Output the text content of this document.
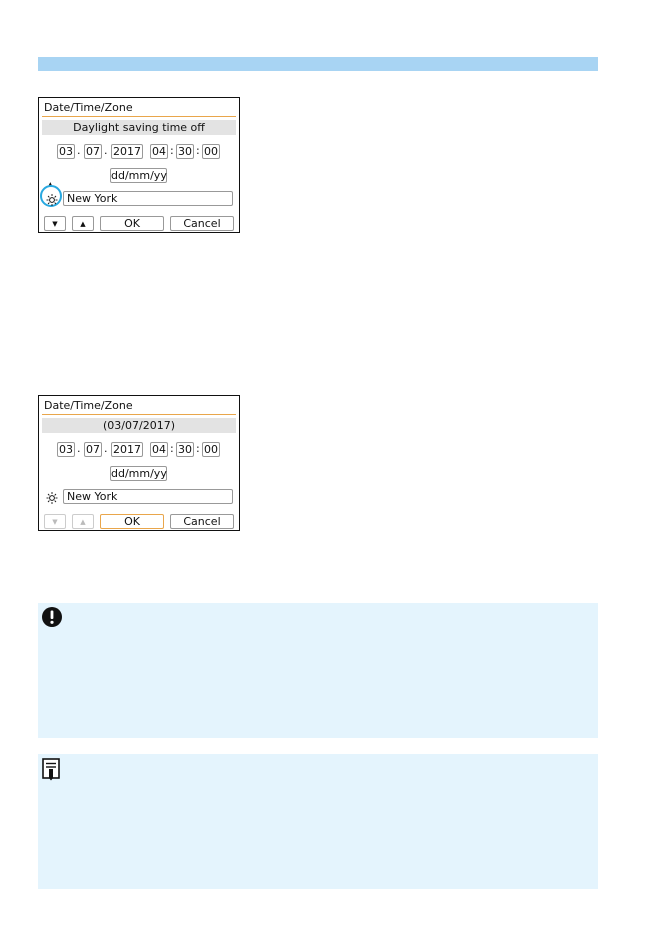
Date/Time/Zone
Daylight saving time off
03 . 07 . 2017 04 : 30 : 00
dd/mm/yy
▲
New York
▼	▲	OK	Cancel
Date/Time/Zone
(03/07/2017)
03 . 07 . 2017 04 : 30 : 00
dd/mm/yy
New York
▼	▲	OK	Cancel
